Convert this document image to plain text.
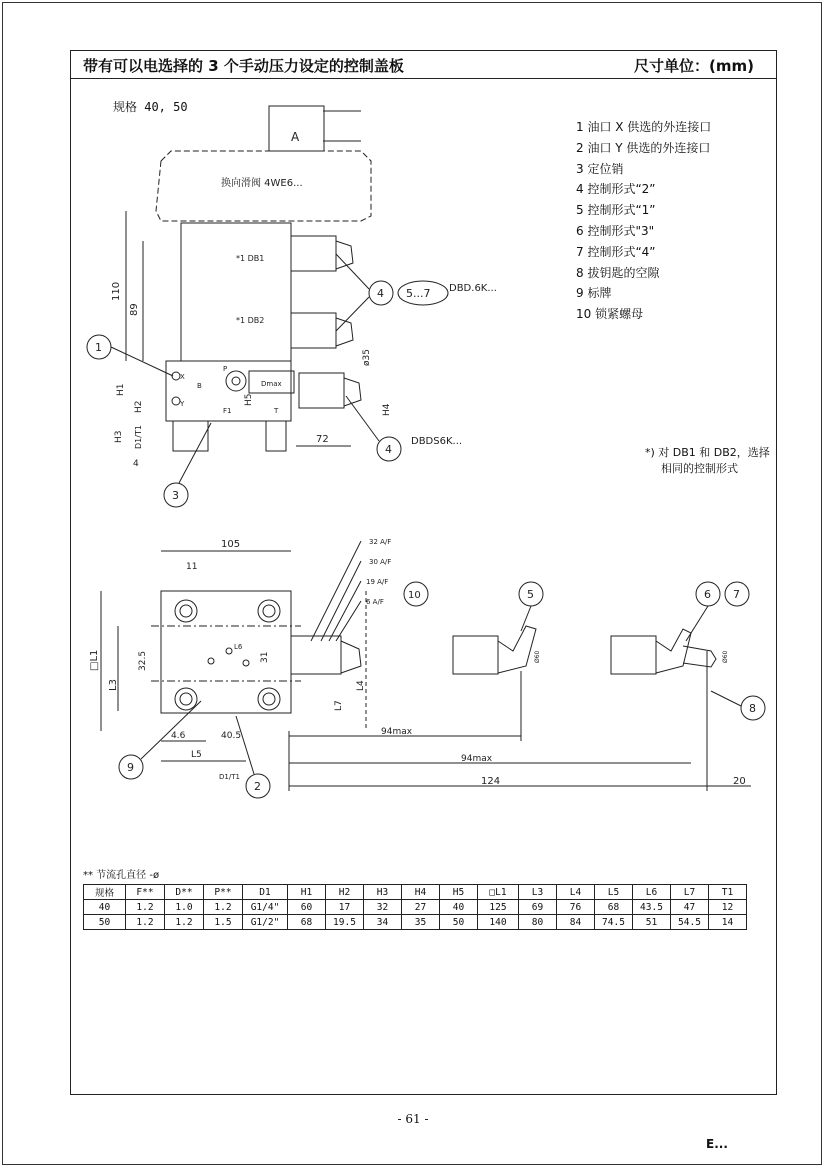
带有可以电选择的 3 个手动压力设定的控制盖板	尺寸单位：(mm)
规格 40, 50
A
换向滑阀 4WE6...
Dmax
P
B
F1	T
X
Y
*1 DB1
*1 DB2
4 5...7 DBD.6K...
4
DBDS6K...
1
3
110
89
H1
H2
H3 D1/T1
4
72
ø35
H4
H5
□L1
L3
32.5	31
105
11
L4
L7
4.6	40.5
L5
D1/T1
L6
32 A/F
30 A/F
19 A/F
6 A/F
10	5
Ø60
6 7
8
Ø60
94max
94max
124	20
9
2
1 油口 X 供选的外连接口
2 油口 Y 供选的外连接口
3 定位销
4 控制形式“2”
5 控制形式“1”
6 控制形式"3"
7 控制形式“4”
8 拔钥匙的空隙
9 标牌
10 锁紧螺母
*) 对 DB1 和 DB2，选择
相同的控制形式
** 节流孔直径 -ø
规格	F**	D**	P**	D1	H1	H2	H3	H4	H5	□L1	L3	L4	L5	L6	L7	T1
40	1.2	1.0	1.2	G1/4"	60	17	32	27	40	125	69	76	68	43.5	47	12
50	1.2	1.2	1.5	G1/2"	68	19.5	34	35	50	140	80	84	74.5	51	54.5	14
- 61 -
E...
